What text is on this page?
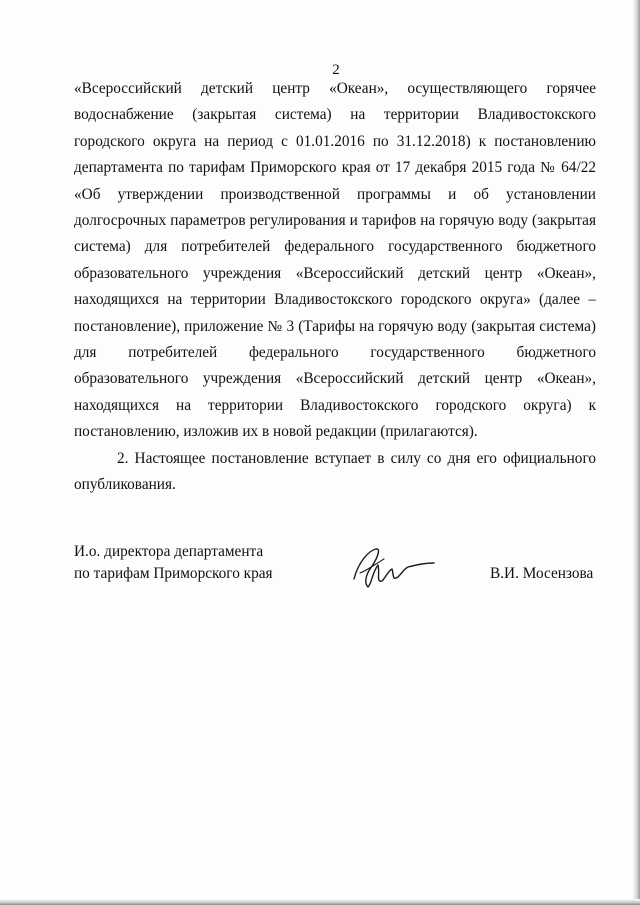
2

«Всероссийский детский центр «Океан», осуществляющего горячее водоснабжение (закрытая система) на территории Владивостокского городского округа на период с 01.01.2016 по 31.12.2018) к постановлению департамента по тарифам Приморского края от 17 декабря 2015 года № 64/22 «Об утверждении производственной программы и об установлении долгосрочных параметров регулирования и тарифов на горячую воду (закрытая система) для потребителей федерального государственного бюджетного образовательного учреждения «Всероссийский детский центр «Океан», находящихся на территории Владивостокского городского округа» (далее – постановление), приложение № 3 (Тарифы на горячую воду (закрытая система) для потребителей федерального государственного бюджетного образовательного учреждения «Всероссийский детский центр «Океан», находящихся на территории Владивостокского городского округа) к постановлению, изложив их в новой редакции (прилагаются).

2. Настоящее постановление вступает в силу со дня его официального опубликования.

И.о. директора департамента
по тарифам Приморского края	В.И. Мосензова
